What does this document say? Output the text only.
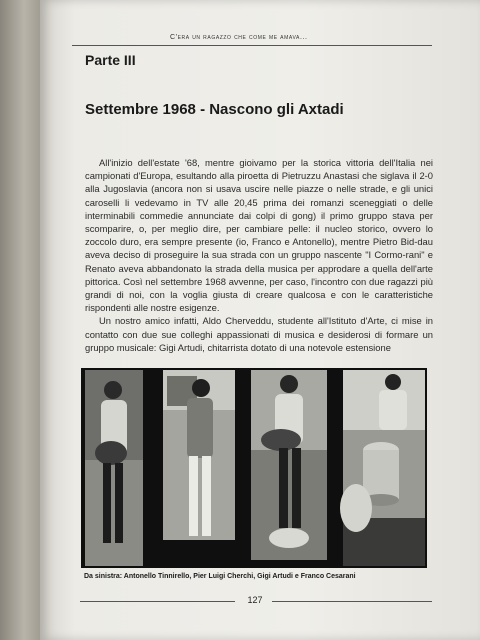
C'era un ragazzo che come me amava...
Parte III
Settembre 1968 - Nascono gli Axtadi

All'inizio dell'estate '68, mentre gioivamo per la storica vittoria dell'Italia nei campionati d'Europa, esultando alla piroetta di Pietruzzu Anastasi che siglava il 2-0 alla Jugoslavia (ancora non si usava uscire nelle piazze o nelle strade, e gli unici caroselli li vedevamo in TV alle 20,45 prima dei romanzi sceneggiati o delle interminabili commedie annunciate dai colpi di gong) il primo gruppo stava per scomparire, o, per meglio dire, per cambiare pelle: il nucleo storico, ovvero lo zoccolo duro, era sempre presente (io, Franco e Antonello), mentre Pietro Bid-dau aveva deciso di proseguire la sua strada con un gruppo nascente "I Cormo-rani" e Renato aveva abbandonato la strada della musica per approdare a quella dell'arte pittorica. Così nel settembre 1968 avvenne, per caso, l'incontro con due ragazzi più grandi di noi, con la voglia giusta di creare qualcosa e con le caratteristiche rispondenti alle nostre esigenze.

Un nostro amico infatti, Aldo Cherveddu, studente all'Istituto d'Arte, ci mise in contatto con due sue colleghi appassionati di musica e desiderosi di formare un gruppo musicale: Gigi Artudi, chitarrista dotato di una notevole estensione

Da sinistra: Antonello Tinnirello, Pier Luigi Cherchi, Gigi Artudi e Franco Cesarani
127
